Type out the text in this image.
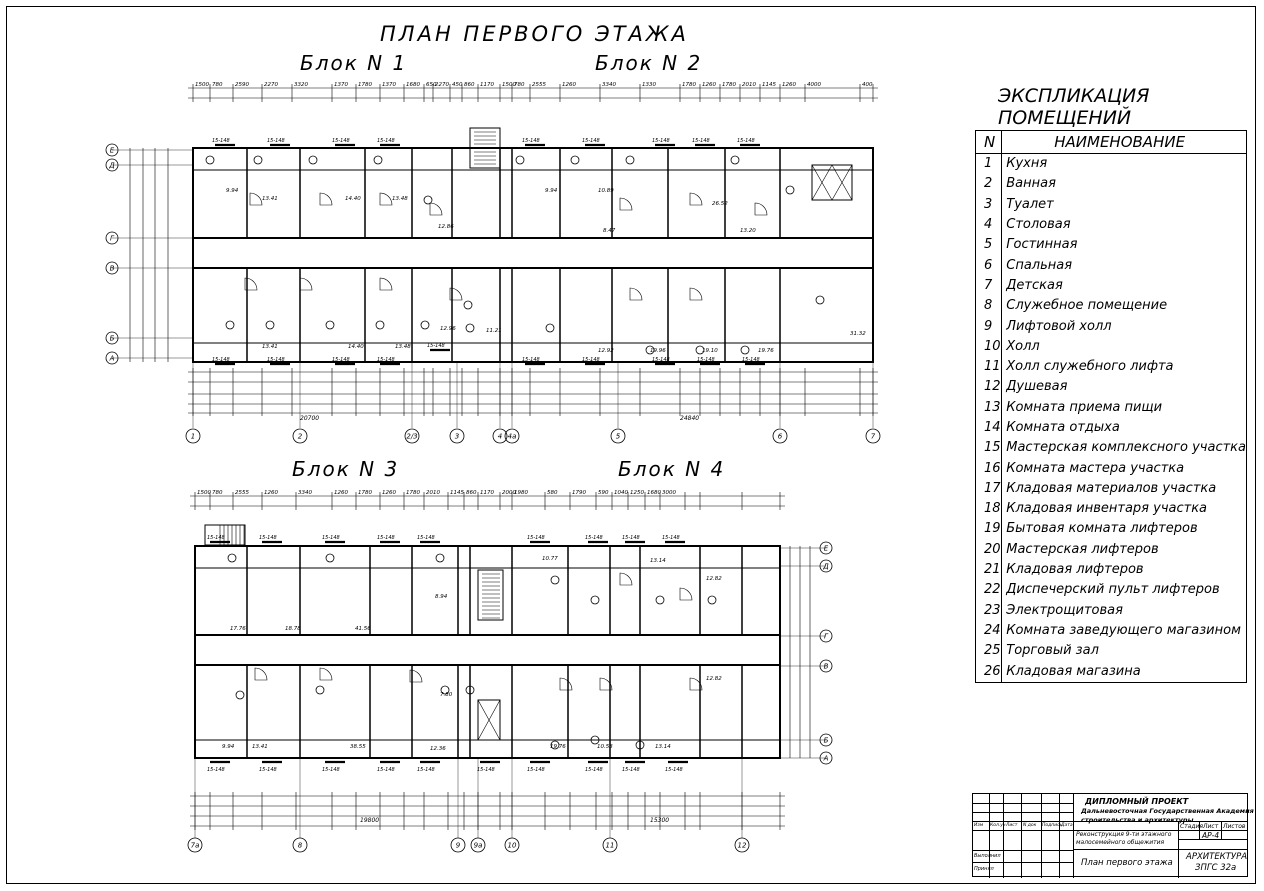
ПЛАН ПЕРВОГО ЭТАЖА
Блок N 1	Блок N 2
Блок N 3	Блок N 4
ЭКСПЛИКАЦИЯ ПОМЕЩЕНИЙ
N	НАИМЕНОВАНИЕ
1	Кухня
2	Ванная
3	Туалет
4	Столовая
5	Гостинная
6	Спальная
7	Детская
8	Служебное помещение
9	Лифтовой холл
10	Холл
11	Холл служебного лифта
12	Душевая
13	Комната приема пищи
14	Комната отдыха
15	Мастерская комплексного участка
16	Комната мастера участка
17	Кладовая материалов участка
18	Кладовая инвентаря участка
19	Бытовая комната лифтеров
20	Мастерская лифтеров
21	Кладовая лифтеров
22	Диспечерский пульт лифтеров
23	Электрощитовая
24	Комната заведующего магазином
25	Торговый зал
26	Кладовая магазина
1500 780 2590	2270	3320	1370 1780 1370 1680 650
2270 450 860 1170 1500
780 2555	1260	3340	1330	1780 1260 1780 2010 1145 1260 4000	400
20700	24840
1	2	2/3	3	4 4а	5	6	7
Е
Д
Г
В
Б
А
15-148	15-148	15-148	15-148	15-148	15-148	15-148	15-148	15-148
15-148	15-148	15-148	15-148
15-148
15-148	15-148	15-148	15-148	15-148
9.94
13.41	14.40	13.48
12.86
9.94	10.89
8.47
26.52
13.20
11.21
12.96
13.41	14.40	13.48
12.92	19.96	19.10	19.76
31.32
1500 780 2555	1260	3340	1260 1780 1260 1780 2010 1145 860 1170 2000
1980	580	1790 590 1040 1250 1680 3000
19800	15300
7а	8	9 9а	10	11	12
Е
Д
Г
В
Б
А
15-148	15-148	15-148	15-148	15-148	15-148	15-148	15-148	15-148
15-148	15-148	15-148	15-148	15-148	15-148	15-148	15-148	15-148	15-148
17.76	18.78	41.56
8.94
9.94	13.41	38.55
7.80
12.36
10.77	13.14
12.82
19.76	10.53	13.14
12.82
ДИПЛОМНЫЙ ПРОЕКТ
Дальневосточная Государственная Академия
строительства и архитектуры
Реконструкция 9-ти этажного малосемейного общежития
План первого этажа
Стадия Лист Листов
АР-4
АРХИТЕКТУРА
ЗПГС 32а
Изм Кол.уч Лист N док Подпись
Дата
Выполнил
Принял
